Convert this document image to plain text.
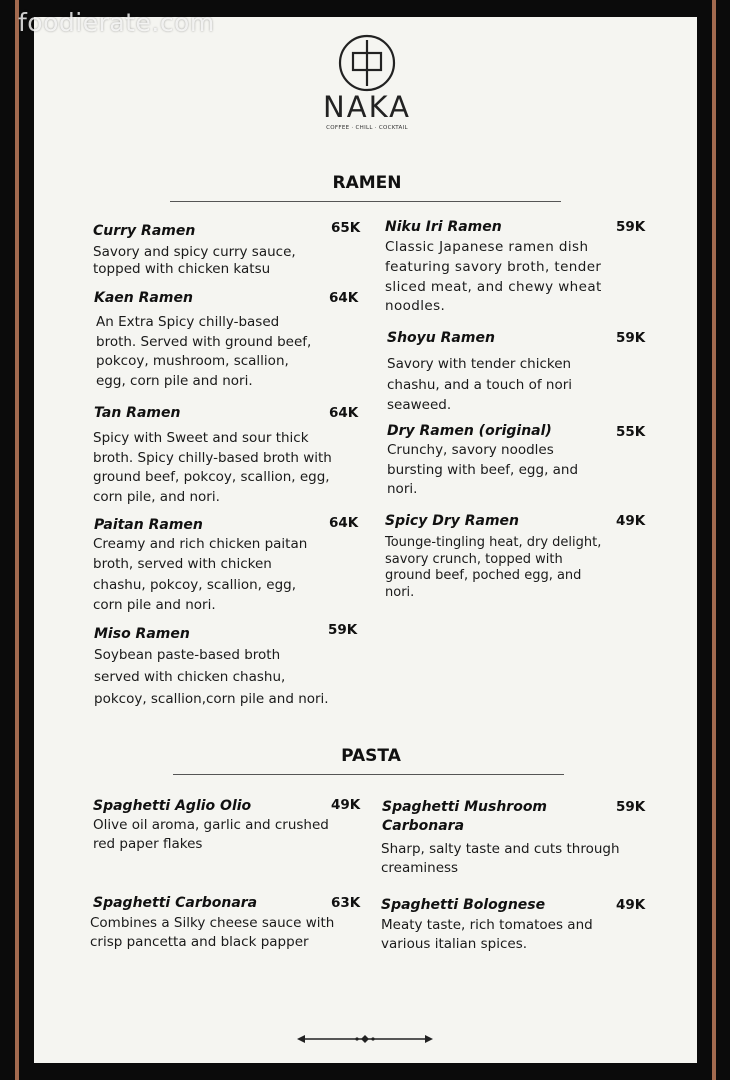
foodierate.com
NAKA
COFFEE · CHILL · COCKTAIL
RAMEN
Curry Ramen	65K
Savory and spicy curry sauce,
topped with chicken katsu
Kaen Ramen	64K
An Extra Spicy chilly-based
broth. Served with ground beef,
pokcoy, mushroom, scallion,
egg, corn pile and nori.
Tan Ramen	64K
Spicy with Sweet and sour thick
broth. Spicy chilly-based broth with
ground beef, pokcoy, scallion, egg,
corn pile, and nori.
Paitan Ramen	64K
Creamy and rich chicken paitan
broth, served with chicken
chashu, pokcoy, scallion, egg,
corn pile and nori.
Miso Ramen	59K
Soybean paste-based broth
served with chicken chashu,
pokcoy, scallion,corn pile and nori.
Niku Iri Ramen	59K
Classic Japanese ramen dish
featuring savory broth, tender
sliced meat, and chewy wheat
noodles.
Shoyu Ramen	59K
Savory with tender chicken
chashu, and a touch of nori
seaweed.
Dry Ramen (original)	55K
Crunchy, savory noodles
bursting with beef, egg, and
nori.
Spicy Dry Ramen	49K
Tounge-tingling heat, dry delight,
savory crunch, topped with
ground beef, poched egg, and
nori.
PASTA
Spaghetti Aglio Olio	49K
Olive oil aroma, garlic and crushed
red paper flakes
Spaghetti Carbonara	63K
Combines a Silky cheese sauce with
crisp pancetta and black papper
Spaghetti Mushroom
Carbonara
59K
Sharp, salty taste and cuts through
creaminess
Spaghetti Bolognese	49K
Meaty taste, rich tomatoes and
various italian spices.
